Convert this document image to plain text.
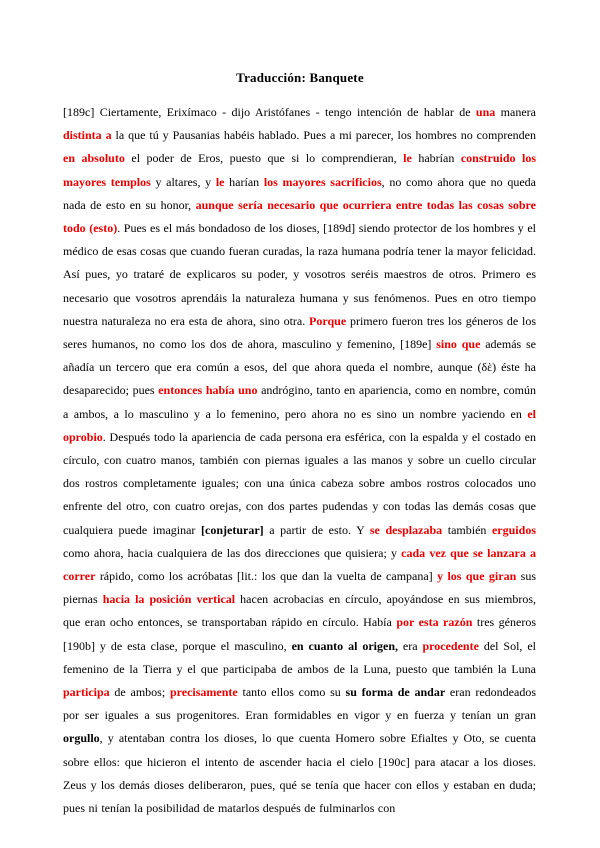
Traducción: Banquete

[189c] Ciertamente, Erixímaco - dijo Aristófanes - tengo intención de hablar de una manera distinta a la que tú y Pausanias habéis hablado. Pues a mi parecer, los hombres no comprenden en absoluto el poder de Eros, puesto que si lo comprendieran, le habrían construido los mayores templos y altares, y le harían los mayores sacrificios, no como ahora que no queda nada de esto en su honor, aunque sería necesario que ocurriera entre todas las cosas sobre todo (esto). Pues es el más bondadoso de los dioses, [189d] siendo protector de los hombres y el médico de esas cosas que cuando fueran curadas, la raza humana podría tener la mayor felicidad. Así pues, yo trataré de explicaros su poder, y vosotros seréis maestros de otros. Primero es necesario que vosotros aprendáis la naturaleza humana y sus fenómenos. Pues en otro tiempo nuestra naturaleza no era esta de ahora, sino otra. Porque primero fueron tres los géneros de los seres humanos, no como los dos de ahora, masculino y femenino, [189e] sino que además se añadía un tercero que era común a esos, del que ahora queda el nombre, aunque (δὲ) éste ha desaparecido; pues entonces había uno andrógino, tanto en apariencia, como en nombre, común a ambos, a lo masculino y a lo femenino, pero ahora no es sino un nombre yaciendo en el oprobio. Después todo la apariencia de cada persona era esférica, con la espalda y el costado en círculo, con cuatro manos, también con piernas iguales a las manos y sobre un cuello circular dos rostros completamente iguales; con una única cabeza sobre ambos rostros colocados uno enfrente del otro, con cuatro orejas, con dos partes pudendas y con todas las demás cosas que cualquiera puede imaginar [conjeturar] a partir de esto. Y se desplazaba también erguidos como ahora, hacia cualquiera de las dos direcciones que quisiera; y cada vez que se lanzara a correr rápido, como los acróbatas [lit.: los que dan la vuelta de campana] y los que giran sus piernas hacia la posición vertical hacen acrobacias en círculo, apoyándose en sus miembros, que eran ocho entonces, se transportaban rápido en círculo. Había por esta razón tres géneros [190b] y de esta clase, porque el masculino, en cuanto al origen, era procedente del Sol, el femenino de la Tierra y el que participaba de ambos de la Luna, puesto que también la Luna participa de ambos; precisamente tanto ellos como su su forma de andar eran redondeados por ser iguales a sus progenitores. Eran formidables en vigor y en fuerza y tenían un gran orgullo, y atentaban contra los dioses, lo que cuenta Homero sobre Efialtes y Oto, se cuenta sobre ellos: que hicieron el intento de ascender hacia el cielo [190c] para atacar a los dioses. Zeus y los demás dioses deliberaron, pues, qué se tenía que hacer con ellos y estaban en duda; pues ni tenían la posibilidad de matarlos después de fulminarlos con
